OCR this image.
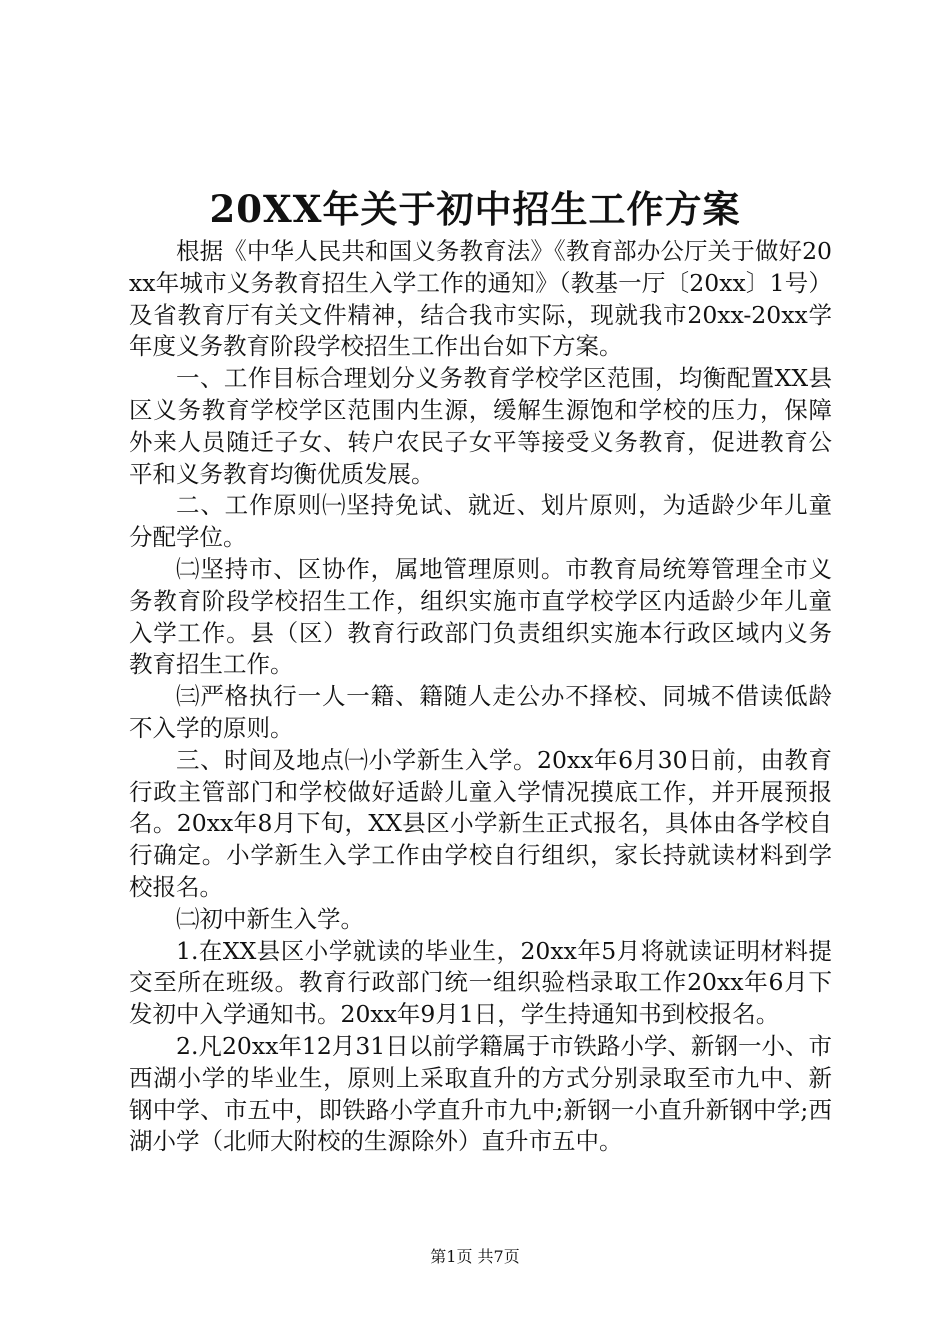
20XX年关于初中招生工作方案

根据《中华人民共和国义务教育法》《教育部办公厅关于做好20xx年城市义务教育招生入学工作的通知》（教基一厅〔20xx〕1号）及省教育厅有关文件精神，结合我市实际，现就我市20xx-20xx学年度义务教育阶段学校招生工作出台如下方案。

一、工作目标合理划分义务教育学校学区范围，均衡配置XX县区义务教育学校学区范围内生源，缓解生源饱和学校的压力，保障外来人员随迁子女、转户农民子女平等接受义务教育，促进教育公平和义务教育均衡优质发展。

二、工作原则㈠坚持免试、就近、划片原则，为适龄少年儿童分配学位。

㈡坚持市、区协作，属地管理原则。市教育局统筹管理全市义务教育阶段学校招生工作，组织实施市直学校学区内适龄少年儿童入学工作。县（区）教育行政部门负责组织实施本行政区域内义务教育招生工作。

㈢严格执行一人一籍、籍随人走公办不择校、同城不借读低龄不入学的原则。

三、时间及地点㈠小学新生入学。20xx年6月30日前，由教育行政主管部门和学校做好适龄儿童入学情况摸底工作，并开展预报名。20xx年8月下旬，XX县区小学新生正式报名，具体由各学校自行确定。小学新生入学工作由学校自行组织，家长持就读材料到学校报名。

㈡初中新生入学。

1.在XX县区小学就读的毕业生，20xx年5月将就读证明材料提交至所在班级。教育行政部门统一组织验档录取工作20xx年6月下发初中入学通知书。20xx年9月1日，学生持通知书到校报名。

2.凡20xx年12月31日以前学籍属于市铁路小学、新钢一小、市西湖小学的毕业生，原则上采取直升的方式分别录取至市九中、新钢中学、市五中，即铁路小学直升市九中;新钢一小直升新钢中学;西湖小学（北师大附校的生源除外）直升市五中。

第1页 共7页
